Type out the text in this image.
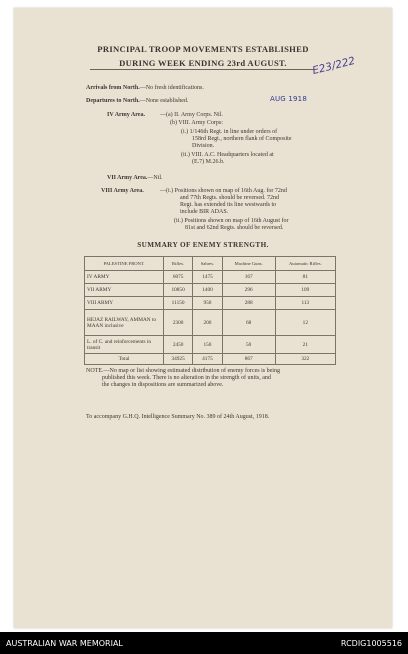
PRINCIPAL TROOP MOVEMENTS ESTABLISHED
DURING WEEK ENDING 23rd AUGUST.	E23/222
AUG 1918
Arrivals from North.—No fresh identifications.
Departures to North.—None established.
IV Army Area.	—(a) II. Army Corps. Nil.
(b) VIII. Army Corps:
(i.) 1/146th Regt. in line under orders of
158rd Regt., northern flank of Composite
Division.
(ii.) VIII. A.C. Headquarters located at
(E.7) M.26.b.
VII Army Area.—Nil.
VIII Army Area.	—(i.) Positions shown on map of 16th Aug. for 72nd
and 77th Regts. should be reversed. 72nd
Regt. has extended its line westwards to
include BIR ADAS.
(ii.) Positions shown on map of 16th August for
81st and 62nd Regts. should be reversed.
SUMMARY OF ENEMY STRENGTH.
PALESTINE FRONT.	Rifles.	Sabres.	Machine Guns.	Automatic Rifles.
IV ARMY	6075	1475	167	81
VII ARMY	10850	1400	296	109
VIII ARMY	11150	950	288	113
HEJAZ RAILWAY, AMMAN to MAAN inclusive	2300	200	68	12
L. of C. and reinforcements in transit	2450	150	50	21
Total	34925	4175	867	322
NOTE.—No map or list showing estimated distribution of enemy forces is being
published this week. There is no alteration in the strength of units, and
the changes in dispositions are summarized above.
To accompany G.H.Q. Intelligence Summary No. 389 of 24th August, 1918.
AUSTRALIAN WAR MEMORIAL	RCDIG1005516
